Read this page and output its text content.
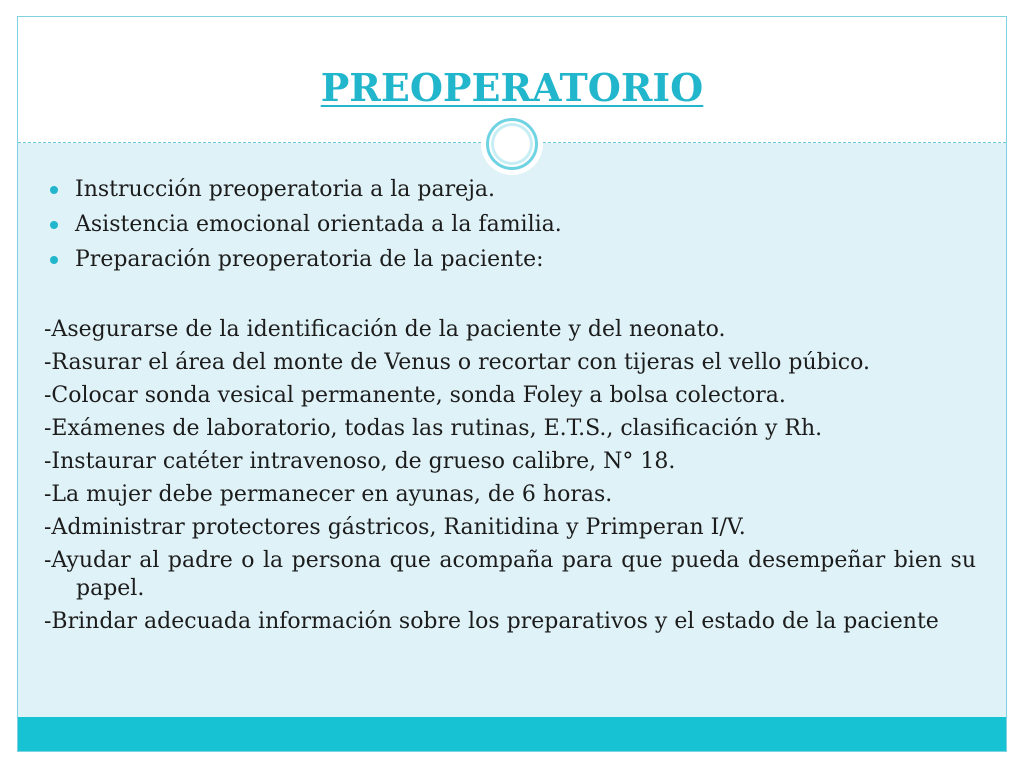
PREOPERATORIO
Instrucción preoperatoria a la pareja.
Asistencia emocional orientada a la familia.
Preparación preoperatoria de la paciente:

-Asegurarse de la identificación de la paciente y del neonato.

-Rasurar el área del monte de Venus o recortar con tijeras el vello púbico.

-Colocar sonda vesical permanente, sonda Foley a bolsa colectora.

-Exámenes de laboratorio, todas las rutinas, E.T.S., clasificación y Rh.

-Instaurar catéter intravenoso, de grueso calibre, N° 18.

-La mujer debe permanecer en ayunas, de 6 horas.

-Administrar protectores gástricos, Ranitidina y Primperan I/V.

-Ayudar al padre o la persona que acompaña para que pueda desempeñar bien su papel.

-Brindar adecuada información sobre los preparativos y el estado de la paciente
